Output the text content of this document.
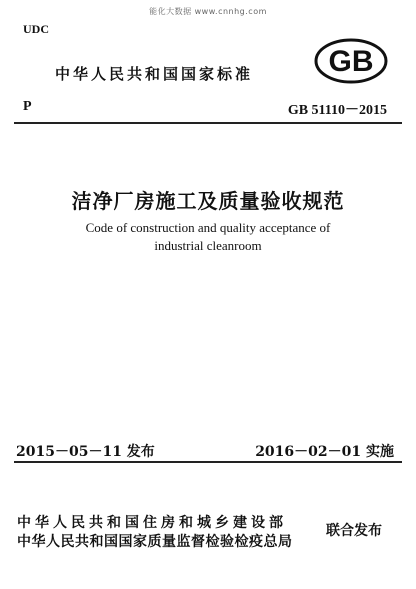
能化大数据 www.cnnhg.com
UDC
中华人民共和国国家标准	GB
P	GB 51110－2015
洁净厂房施工及质量验收规范
Code of construction and quality acceptance of
industrial cleanroom
2015－05－11 发布	2016－02－01 实施
中华人民共和国住房和城乡建设部
中华人民共和国国家质量监督检验检疫总局
联合发布
